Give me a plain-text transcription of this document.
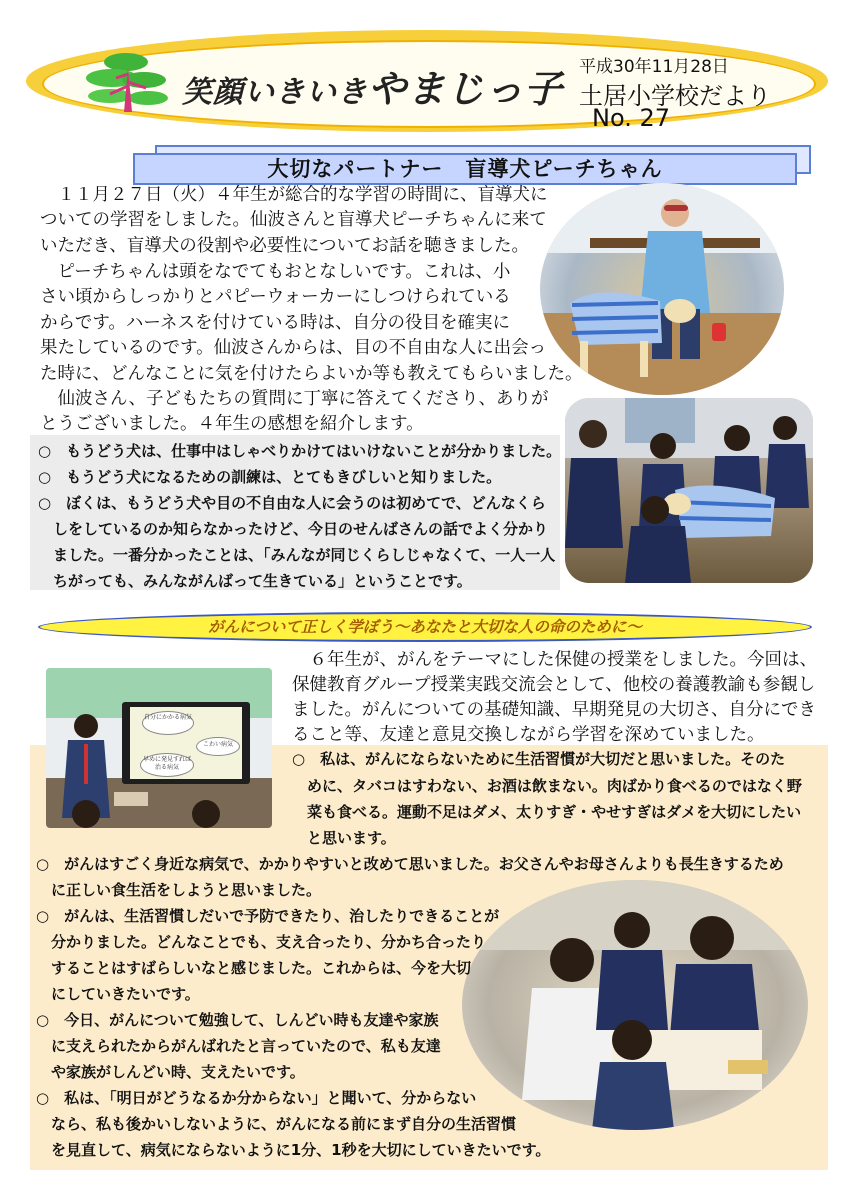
笑顔いきいきやまじっ子 平成30年11月28日
土居小学校だより
No. 27
大切なパートナー　盲導犬ピーチちゃん
　１１月２７日（火）４年生が総合的な学習の時間に、盲導犬に
ついての学習をしました。仙波さんと盲導犬ピーチちゃんに来て
いただき、盲導犬の役割や必要性についてお話を聴きました。
　ピーチちゃんは頭をなでてもおとなしいです。これは、小
さい頃からしっかりとパピーウォーカーにしつけられている
からです。ハーネスを付けている時は、自分の役目を確実に
果たしているのです。仙波さんからは、目の不自由な人に出会っ
た時に、どんなことに気を付けたらよいか等も教えてもらいました。
　仙波さん、子どもたちの質問に丁寧に答えてくださり、ありが
とうございました。４年生の感想を紹介します。
○　もうどう犬は、仕事中はしゃべりかけてはいけないことが分かりました。
○　もうどう犬になるための訓練は、とてもきびしいと知りました。
○　ぼくは、もうどう犬や目の不自由な人に会うのは初めてで、どんなくら
　しをしているのか知らなかったけど、今日のせんばさんの話でよく分かり
　ました。一番分かったことは、「みんなが同じくらしじゃなくて、一人一人
　ちがっても、みんながんばって生きている」ということです。
がんについて正しく学ぼう～あなたと大切な人の命のために～
自分にかかる病気
こわい病気
早めに発見すれば治る病気
　６年生が、がんをテーマにした保健の授業をしました。今回は、
保健教育グループ授業実践交流会として、他校の養護教諭も参観し
ました。がんについての基礎知識、早期発見の大切さ、自分にでき
ること等、友達と意見交換しながら学習を深めていました。
○　私は、がんにならないために生活習慣が大切だと思いました。そのた
　めに、タバコはすわない、お酒は飲まない。肉ばかり食べるのではなく野
　菜も食べる。運動不足はダメ、太りすぎ・やせすぎはダメを大切にしたい
　と思います。
○　がんはすごく身近な病気で、かかりやすいと改めて思いました。お父さんやお母さんよりも長生きするため
　に正しい食生活をしようと思いました。
○　がんは、生活習慣しだいで予防できたり、治したりできることが
　分かりました。どんなことでも、支え合ったり、分かち合ったり
　することはすばらしいなと感じました。これからは、今を大切
　にしていきたいです。
○　今日、がんについて勉強して、しんどい時も友達や家族
　に支えられたからがんばれたと言っていたので、私も友達
　や家族がしんどい時、支えたいです。
○　私は、「明日がどうなるか分からない」と聞いて、分からない
　なら、私も後かいしないように、がんになる前にまず自分の生活習慣
　を見直して、病気にならないように1分、1秒を大切にしていきたいです。
